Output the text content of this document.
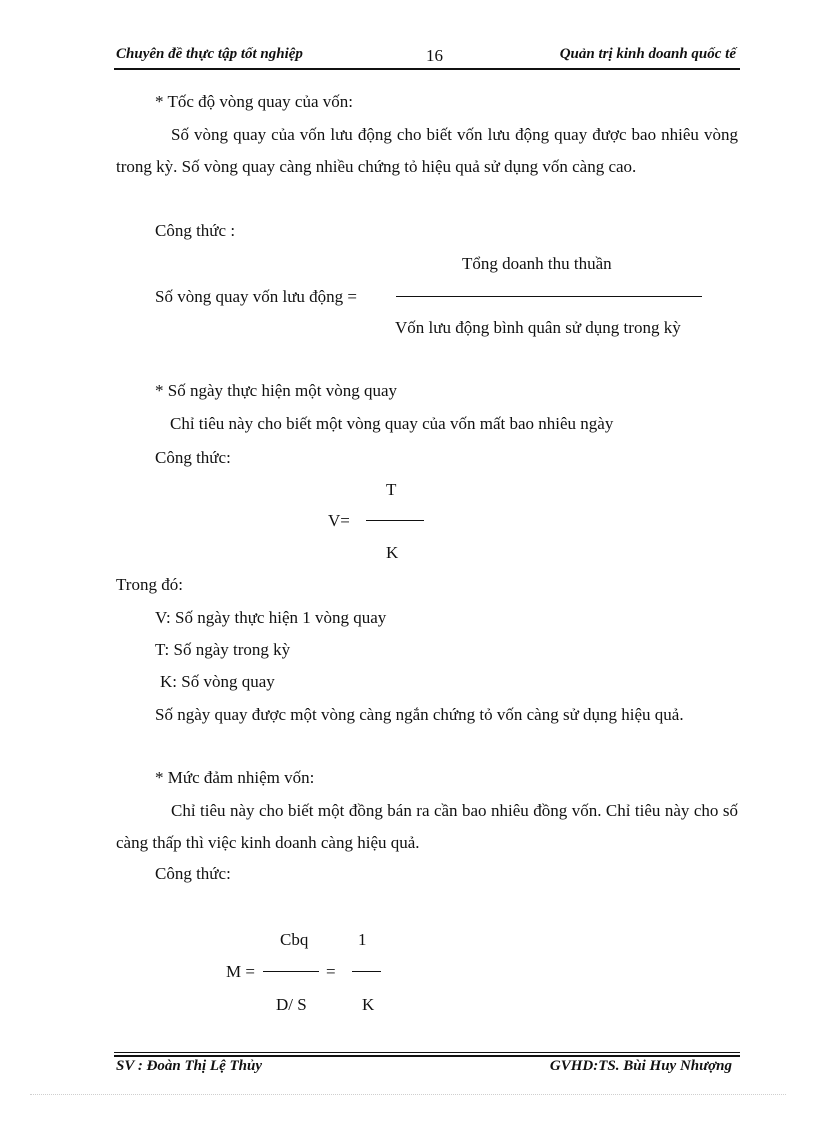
Chuyên đề thực tập tốt nghiệp	16	Quản trị kinh doanh quốc tế
* Tốc độ vòng quay của vốn:
Số vòng quay của vốn lưu động cho biết vốn lưu động quay được bao nhiêu vòng trong kỳ. Số vòng quay càng nhiều chứng tỏ hiệu quả sử dụng vốn càng cao.
Công thức :
Tổng doanh thu thuần
Số vòng quay vốn lưu động =
Vốn lưu động bình quân sử dụng trong kỳ
* Số ngày thực hiện một vòng quay
Chỉ tiêu này cho biết một vòng quay của vốn mất bao nhiêu ngày
Công thức:
T
V=
K
Trong đó:
V: Số ngày thực hiện 1 vòng quay
T: Số ngày trong kỳ
K: Số vòng quay
Số ngày quay được một vòng càng ngắn chứng tỏ vốn càng sử dụng hiệu quả.
* Mức đảm nhiệm vốn:
Chỉ tiêu này cho biết một đồng bán ra cần bao nhiêu đồng vốn. Chỉ tiêu này cho số càng thấp thì việc kinh doanh càng hiệu quả.
Công thức:
Cbq	1
M =	=
D/ S	K
SV : Đoàn Thị Lệ Thủy	GVHD:TS. Bùi Huy Nhượng
